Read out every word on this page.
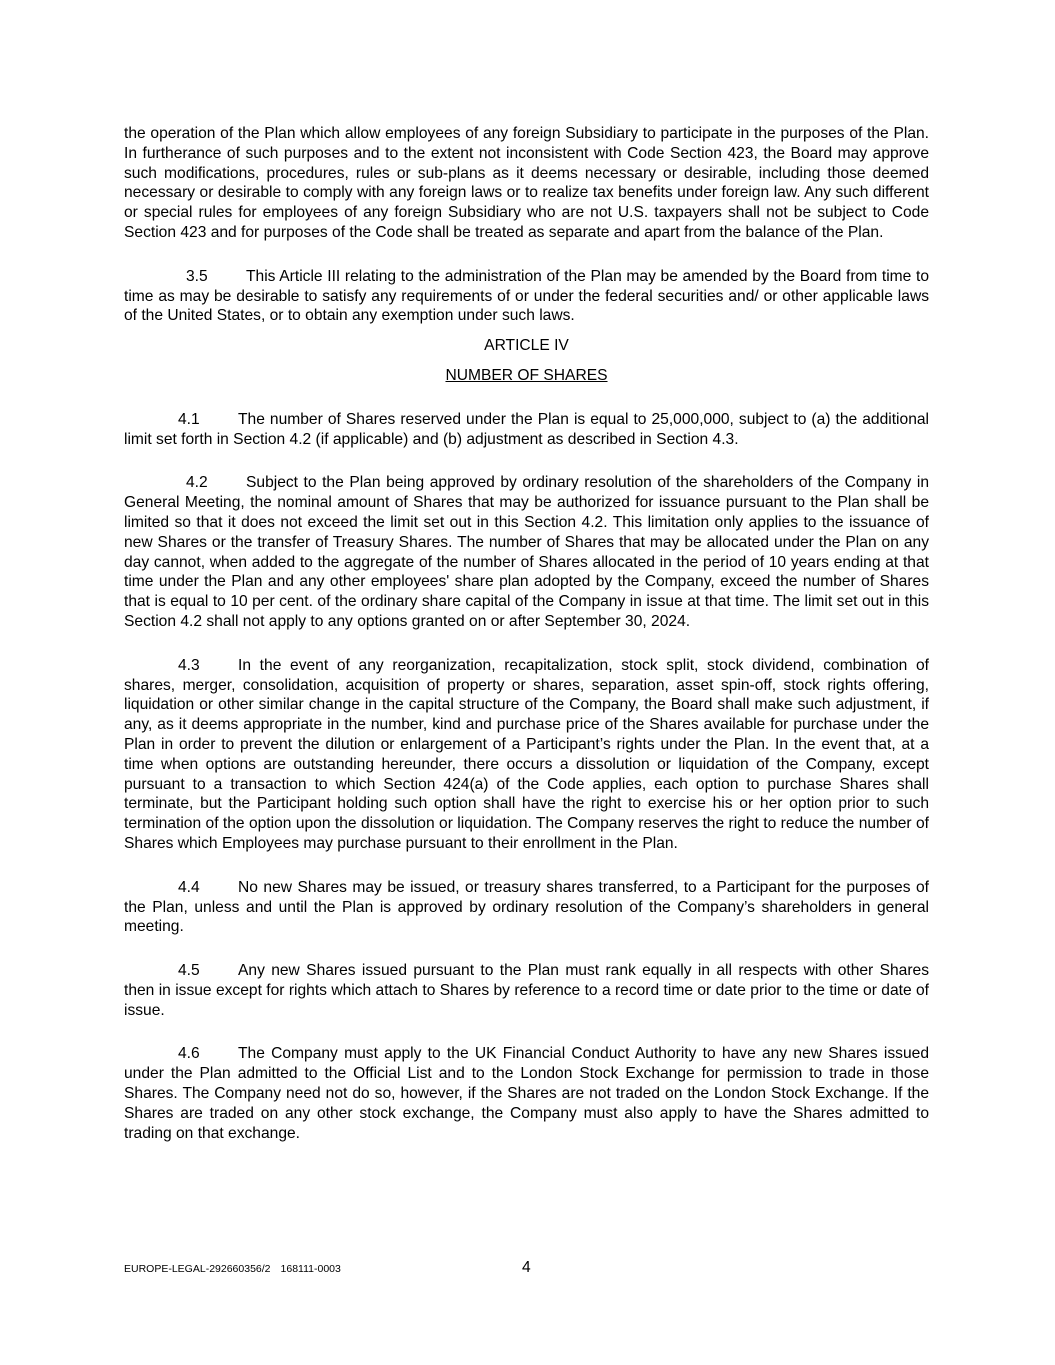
the operation of the Plan which allow employees of any foreign Subsidiary to participate in the purposes of the Plan. In furtherance of such purposes and to the extent not inconsistent with Code Section 423, the Board may approve such modifications, procedures, rules or sub-plans as it deems necessary or desirable, including those deemed necessary or desirable to comply with any foreign laws or to realize tax benefits under foreign law. Any such different or special rules for employees of any foreign Subsidiary who are not U.S. taxpayers shall not be subject to Code Section 423 and for purposes of the Code shall be treated as separate and apart from the balance of the Plan.

3.5 This Article III relating to the administration of the Plan may be amended by the Board from time to time as may be desirable to satisfy any requirements of or under the federal securities and/ or other applicable laws of the United States, or to obtain any exemption under such laws.

ARTICLE IV

NUMBER OF SHARES

4.1 The number of Shares reserved under the Plan is equal to 25,000,000, subject to (a) the additional limit set forth in Section 4.2 (if applicable) and (b) adjustment as described in Section 4.3.

4.2 Subject to the Plan being approved by ordinary resolution of the shareholders of the Company in General Meeting, the nominal amount of Shares that may be authorized for issuance pursuant to the Plan shall be limited so that it does not exceed the limit set out in this Section 4.2. This limitation only applies to the issuance of new Shares or the transfer of Treasury Shares. The number of Shares that may be allocated under the Plan on any day cannot, when added to the aggregate of the number of Shares allocated in the period of 10 years ending at that time under the Plan and any other employees' share plan adopted by the Company, exceed the number of Shares that is equal to 10 per cent. of the ordinary share capital of the Company in issue at that time. The limit set out in this Section 4.2 shall not apply to any options granted on or after September 30, 2024.

4.3 In the event of any reorganization, recapitalization, stock split, stock dividend, combination of shares, merger, consolidation, acquisition of property or shares, separation, asset spin-off, stock rights offering, liquidation or other similar change in the capital structure of the Company, the Board shall make such adjustment, if any, as it deems appropriate in the number, kind and purchase price of the Shares available for purchase under the Plan in order to prevent the dilution or enlargement of a Participant’s rights under the Plan. In the event that, at a time when options are outstanding hereunder, there occurs a dissolution or liquidation of the Company, except pursuant to a transaction to which Section 424(a) of the Code applies, each option to purchase Shares shall terminate, but the Participant holding such option shall have the right to exercise his or her option prior to such termination of the option upon the dissolution or liquidation. The Company reserves the right to reduce the number of Shares which Employees may purchase pursuant to their enrollment in the Plan.

4.4 No new Shares may be issued, or treasury shares transferred, to a Participant for the purposes of the Plan, unless and until the Plan is approved by ordinary resolution of the Company’s shareholders in general meeting.

4.5 Any new Shares issued pursuant to the Plan must rank equally in all respects with other Shares then in issue except for rights which attach to Shares by reference to a record time or date prior to the time or date of issue.

4.6 The Company must apply to the UK Financial Conduct Authority to have any new Shares issued under the Plan admitted to the Official List and to the London Stock Exchange for permission to trade in those Shares. The Company need not do so, however, if the Shares are not traded on the London Stock Exchange. If the Shares are traded on any other stock exchange, the Company must also apply to have the Shares admitted to trading on that exchange.

EUROPE-LEGAL-292660356/2 168111-0003	4
